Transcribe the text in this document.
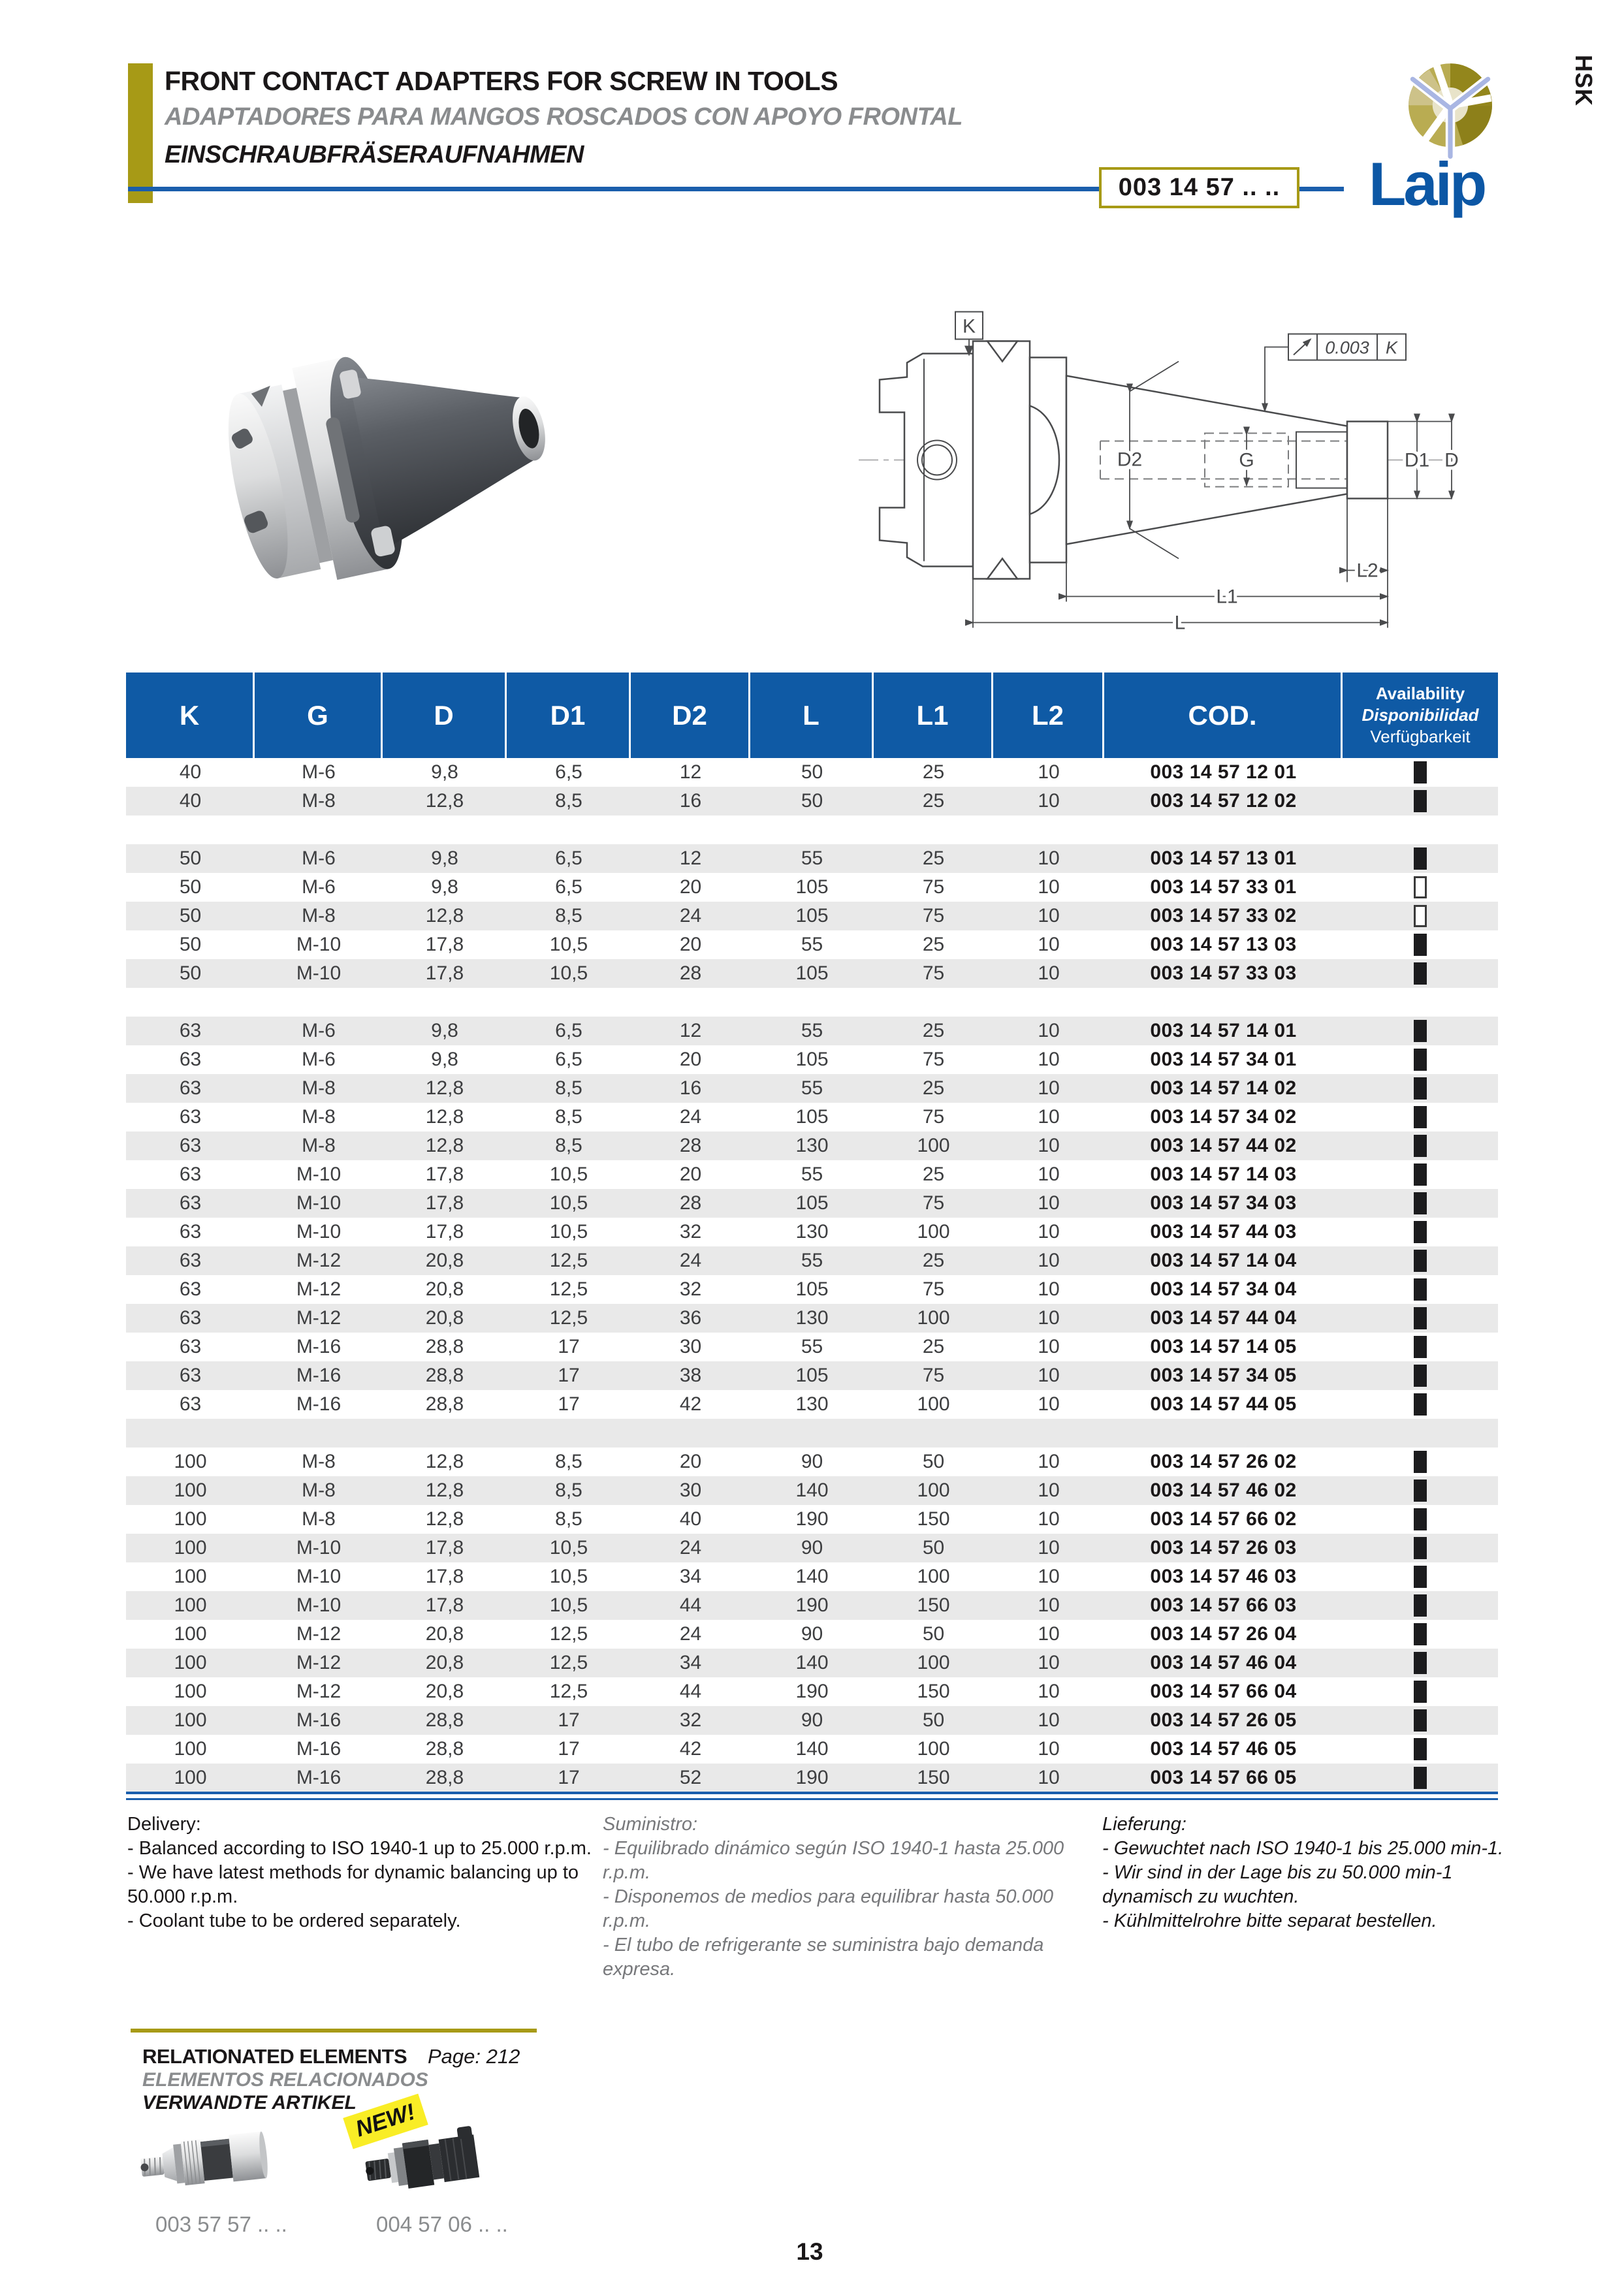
FRONT CONTACT ADAPTERS FOR SCREW IN TOOLS
ADAPTADORES PARA MANGOS ROSCADOS CON APOYO FRONTAL
EINSCHRAUBFRÄSERAUFNAHMEN
003 14 57 .. ..	Laip
HSK
K
0.003 K
D2	G	D1 D
L2
L1
L
K	G	D	D1	D2	L	L1	L2	COD.
Availability
Disponibilidad
Verfügbarkeit
40	M-6	9,8	6,5	12	50	25	10	003 14 57 12 01
40	M-8	12,8	8,5	16	50	25	10	003 14 57 12 02
50	M-6	9,8	6,5	12	55	25	10	003 14 57 13 01
50	M-6	9,8	6,5	20	105	75	10	003 14 57 33 01
50	M-8	12,8	8,5	24	105	75	10	003 14 57 33 02
50	M-10	17,8	10,5	20	55	25	10	003 14 57 13 03
50	M-10	17,8	10,5	28	105	75	10	003 14 57 33 03
63	M-6	9,8	6,5	12	55	25	10	003 14 57 14 01
63	M-6	9,8	6,5	20	105	75	10	003 14 57 34 01
63	M-8	12,8	8,5	16	55	25	10	003 14 57 14 02
63	M-8	12,8	8,5	24	105	75	10	003 14 57 34 02
63	M-8	12,8	8,5	28	130	100	10	003 14 57 44 02
63	M-10	17,8	10,5	20	55	25	10	003 14 57 14 03
63	M-10	17,8	10,5	28	105	75	10	003 14 57 34 03
63	M-10	17,8	10,5	32	130	100	10	003 14 57 44 03
63	M-12	20,8	12,5	24	55	25	10	003 14 57 14 04
63	M-12	20,8	12,5	32	105	75	10	003 14 57 34 04
63	M-12	20,8	12,5	36	130	100	10	003 14 57 44 04
63	M-16	28,8	17	30	55	25	10	003 14 57 14 05
63	M-16	28,8	17	38	105	75	10	003 14 57 34 05
63	M-16	28,8	17	42	130	100	10	003 14 57 44 05
100	M-8	12,8	8,5	20	90	50	10	003 14 57 26 02
100	M-8	12,8	8,5	30	140	100	10	003 14 57 46 02
100	M-8	12,8	8,5	40	190	150	10	003 14 57 66 02
100	M-10	17,8	10,5	24	90	50	10	003 14 57 26 03
100	M-10	17,8	10,5	34	140	100	10	003 14 57 46 03
100	M-10	17,8	10,5	44	190	150	10	003 14 57 66 03
100	M-12	20,8	12,5	24	90	50	10	003 14 57 26 04
100	M-12	20,8	12,5	34	140	100	10	003 14 57 46 04
100	M-12	20,8	12,5	44	190	150	10	003 14 57 66 04
100	M-16	28,8	17	32	90	50	10	003 14 57 26 05
100	M-16	28,8	17	42	140	100	10	003 14 57 46 05
100	M-16	28,8	17	52	190	150	10	003 14 57 66 05
Delivery:
- Balanced according to ISO 1940-1 up to 25.000 r.p.m.
- We have latest methods for dynamic balancing up to
50.000 r.p.m.
- Coolant tube to be ordered separately.
Suministro:
- Equilibrado dinámico según ISO 1940-1 hasta 25.000 r.p.m.
- Disponemos de medios para equilibrar hasta 50.000
r.p.m.
- El tubo de refrigerante se suministra bajo demanda
expresa.
Lieferung:
- Gewuchtet nach ISO 1940-1 bis 25.000 min-1.
- Wir sind in der Lage bis zu 50.000 min-1
dynamisch zu wuchten.
- Kühlmittelrohre bitte separat bestellen.
RELATIONATED ELEMENTS Page: 212
ELEMENTOS RELACIONADOS
VERWANDTE ARTIKEL
NEW!
003 57 57 .. ..	004 57 06 .. ..
13
